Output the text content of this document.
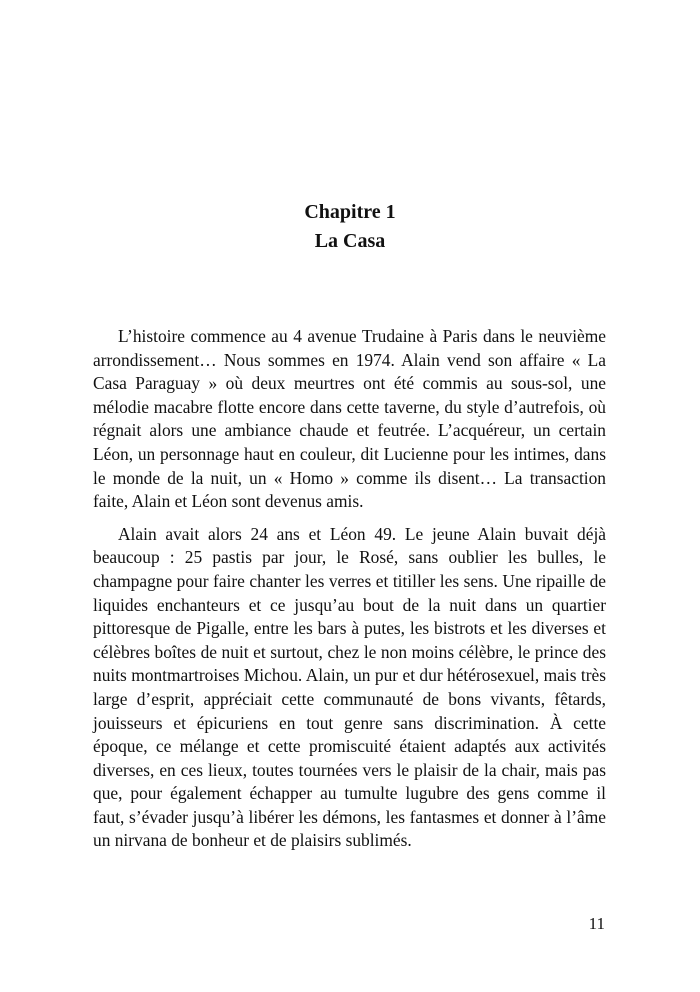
Chapitre 1
La Casa

L’histoire commence au 4 avenue Trudaine à Paris dans le neuvième arrondissement… Nous sommes en 1974. Alain vend son affaire « La Casa Paraguay » où deux meurtres ont été commis au sous-sol, une mélodie macabre flotte encore dans cette taverne, du style d’autrefois, où régnait alors une ambiance chaude et feutrée. L’acquéreur, un certain Léon, un personnage haut en couleur, dit Lucienne pour les intimes, dans le monde de la nuit, un « Homo » comme ils disent… La transaction faite, Alain et Léon sont devenus amis.

Alain avait alors 24 ans et Léon 49. Le jeune Alain buvait déjà beaucoup : 25 pastis par jour, le Rosé, sans oublier les bulles, le champagne pour faire chanter les verres et titiller les sens. Une ripaille de liquides enchanteurs et ce jusqu’au bout de la nuit dans un quartier pittoresque de Pigalle, entre les bars à putes, les bistrots et les diverses et célèbres boîtes de nuit et surtout, chez le non moins célèbre, le prince des nuits montmartroises Michou. Alain, un pur et dur hétérosexuel, mais très large d’esprit, appréciait cette communauté de bons vivants, fêtards, jouisseurs et épicuriens en tout genre sans discrimination. À cette époque, ce mélange et cette promiscuité étaient adaptés aux activités diverses, en ces lieux, toutes tournées vers le plaisir de la chair, mais pas que, pour également échapper au tumulte lugubre des gens comme il faut, s’évader jusqu’à libérer les démons, les fantasmes et donner à l’âme un nirvana de bonheur et de plaisirs sublimés.

11
